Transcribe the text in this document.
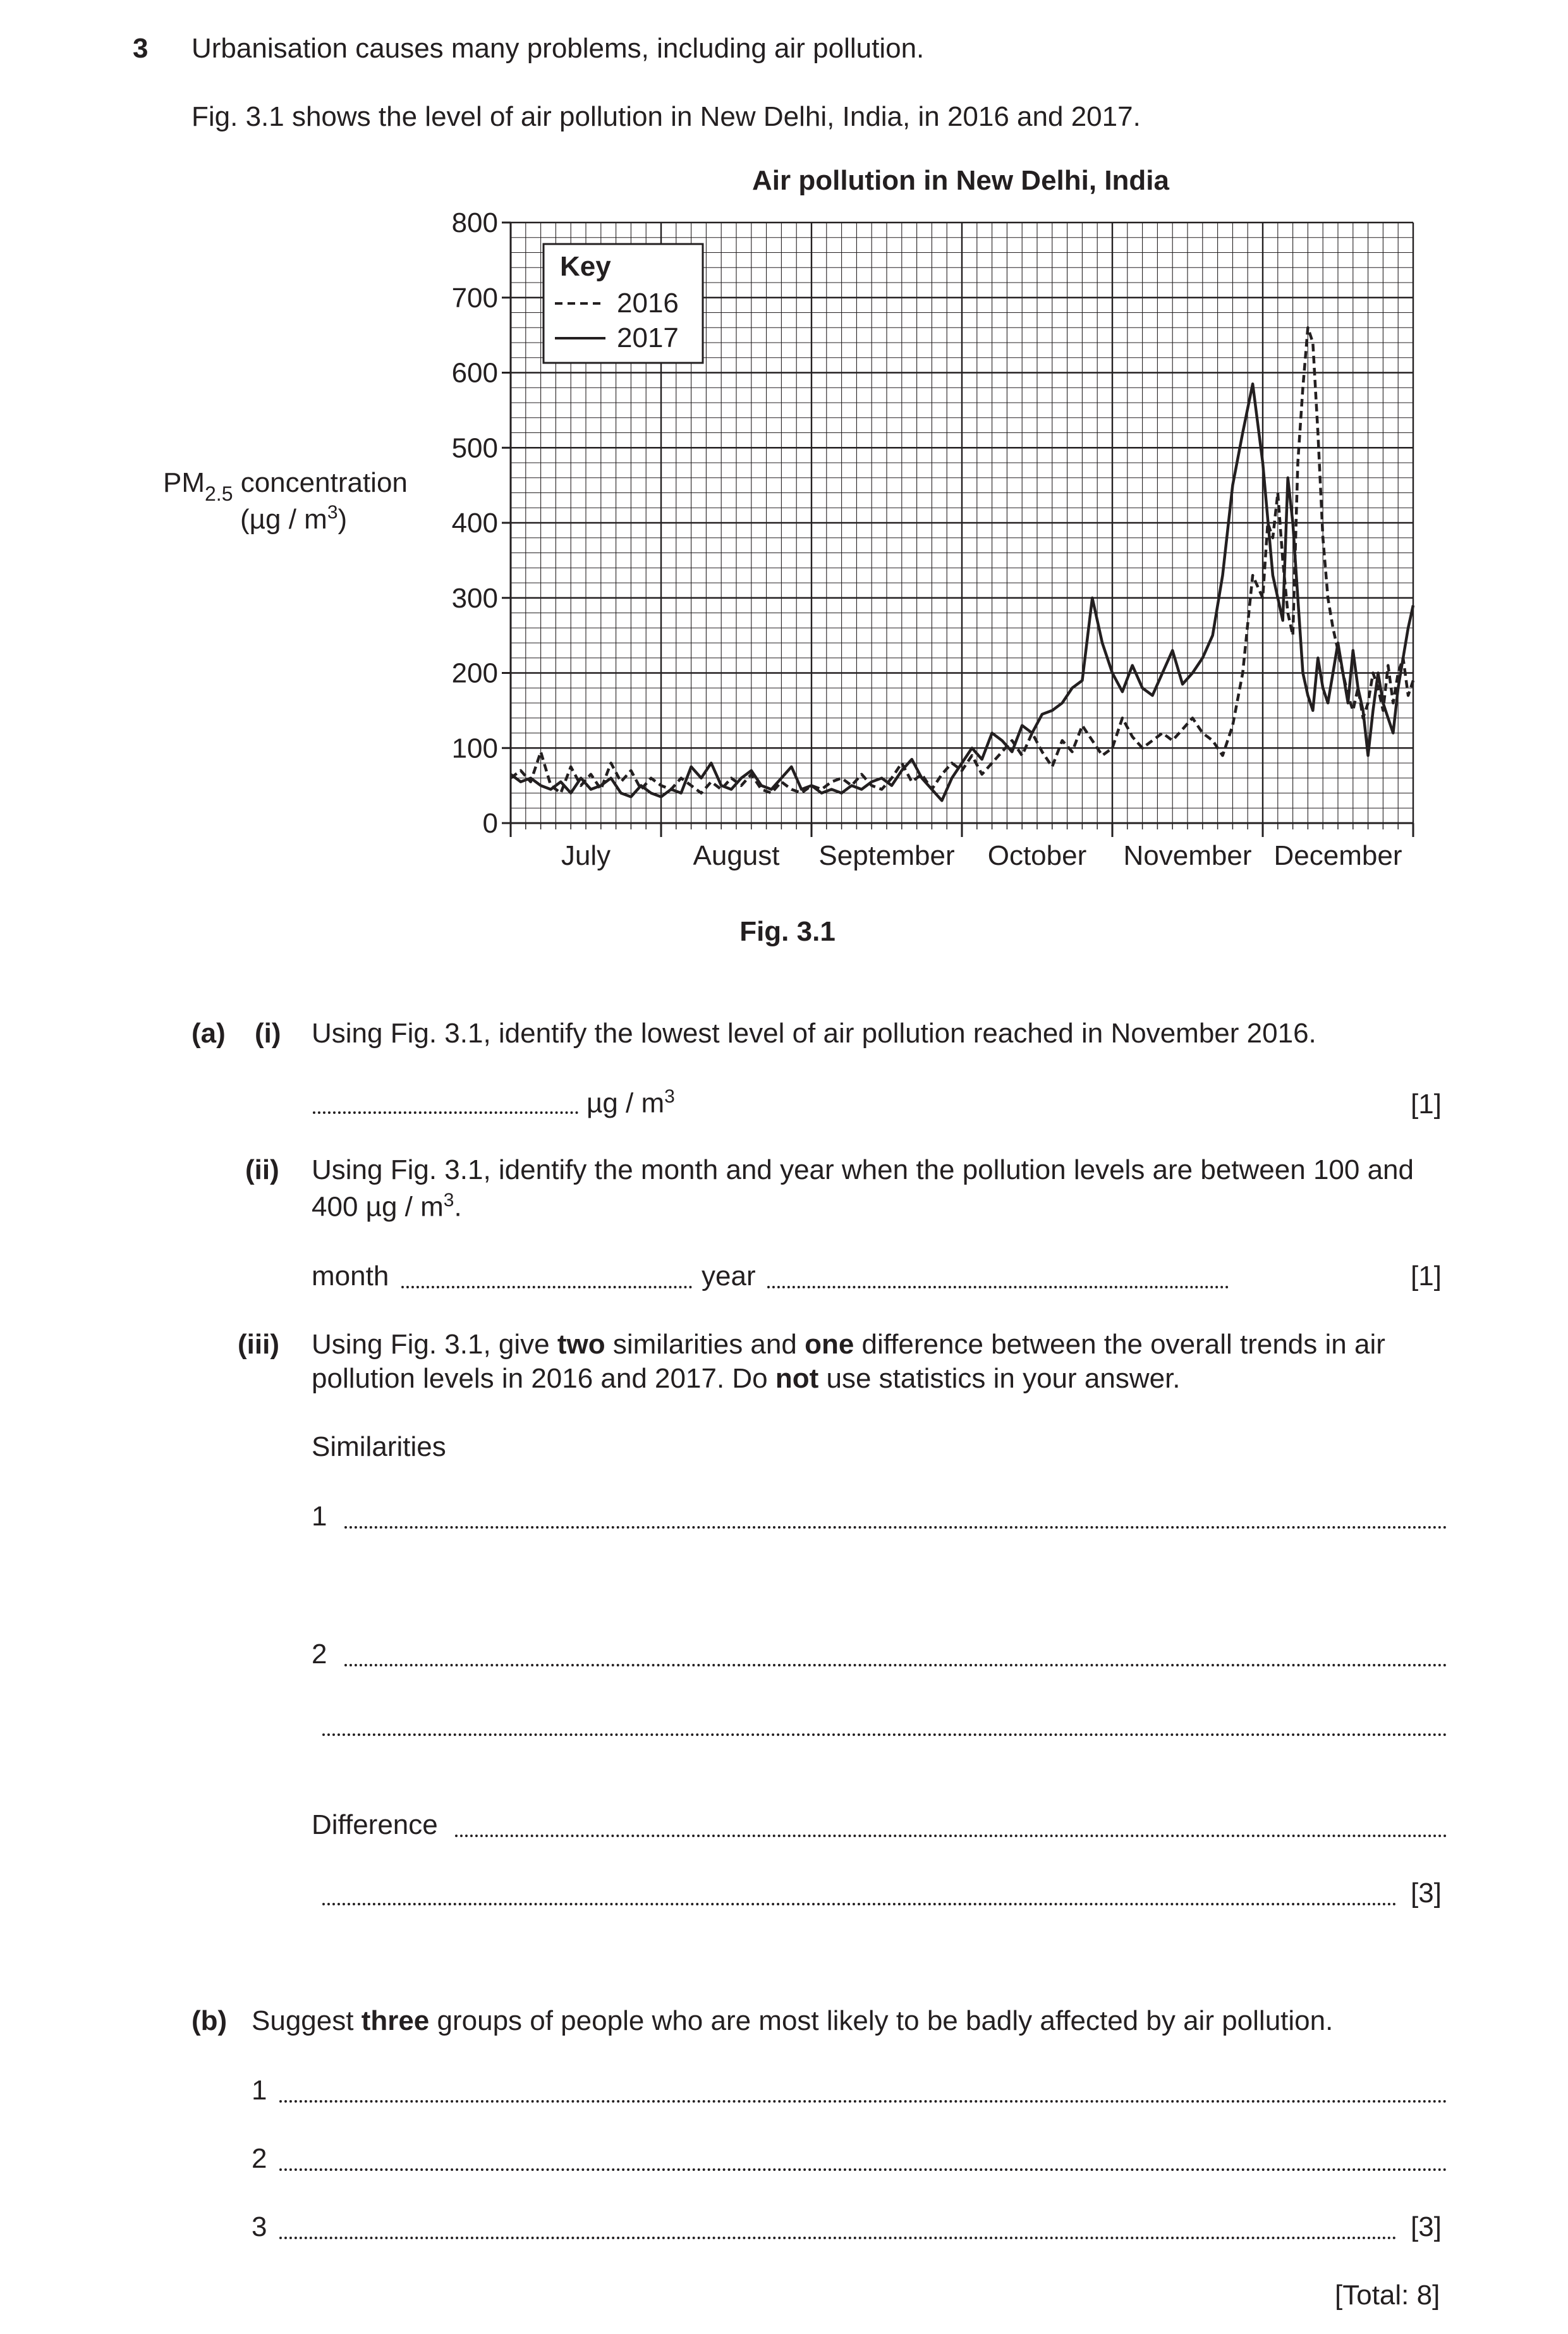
3 Urbanisation causes many problems, including air pollution.
Fig. 3.1 shows the level of air pollution in New Delhi, India, in 2016 and 2017.
Air pollution in New Delhi, India
0
100
200
300
400
500
600
700
800
July	August September October November December
Key
2016
2017
$PM_{2.5}$ concentration
$(\mu g / m^3)$
Fig. 3.1
(a) (i) Using Fig. 3.1, identify the lowest level of air pollution reached in November 2016.
µg / $m^3$	[1]
(ii) Using Fig. 3.1, identify the month and year when the pollution levels are between 100 and
400 µg / $m^3$.
month	year	[1]
(iii) Using Fig. 3.1, give two similarities and one difference between the overall trends in air
pollution levels in 2016 and 2017. Do not use statistics in your answer.
Similarities
1
2
Difference
[3]
(b) Suggest three groups of people who are most likely to be badly affected by air pollution.
1
2
3	[3]
[Total: 8]
